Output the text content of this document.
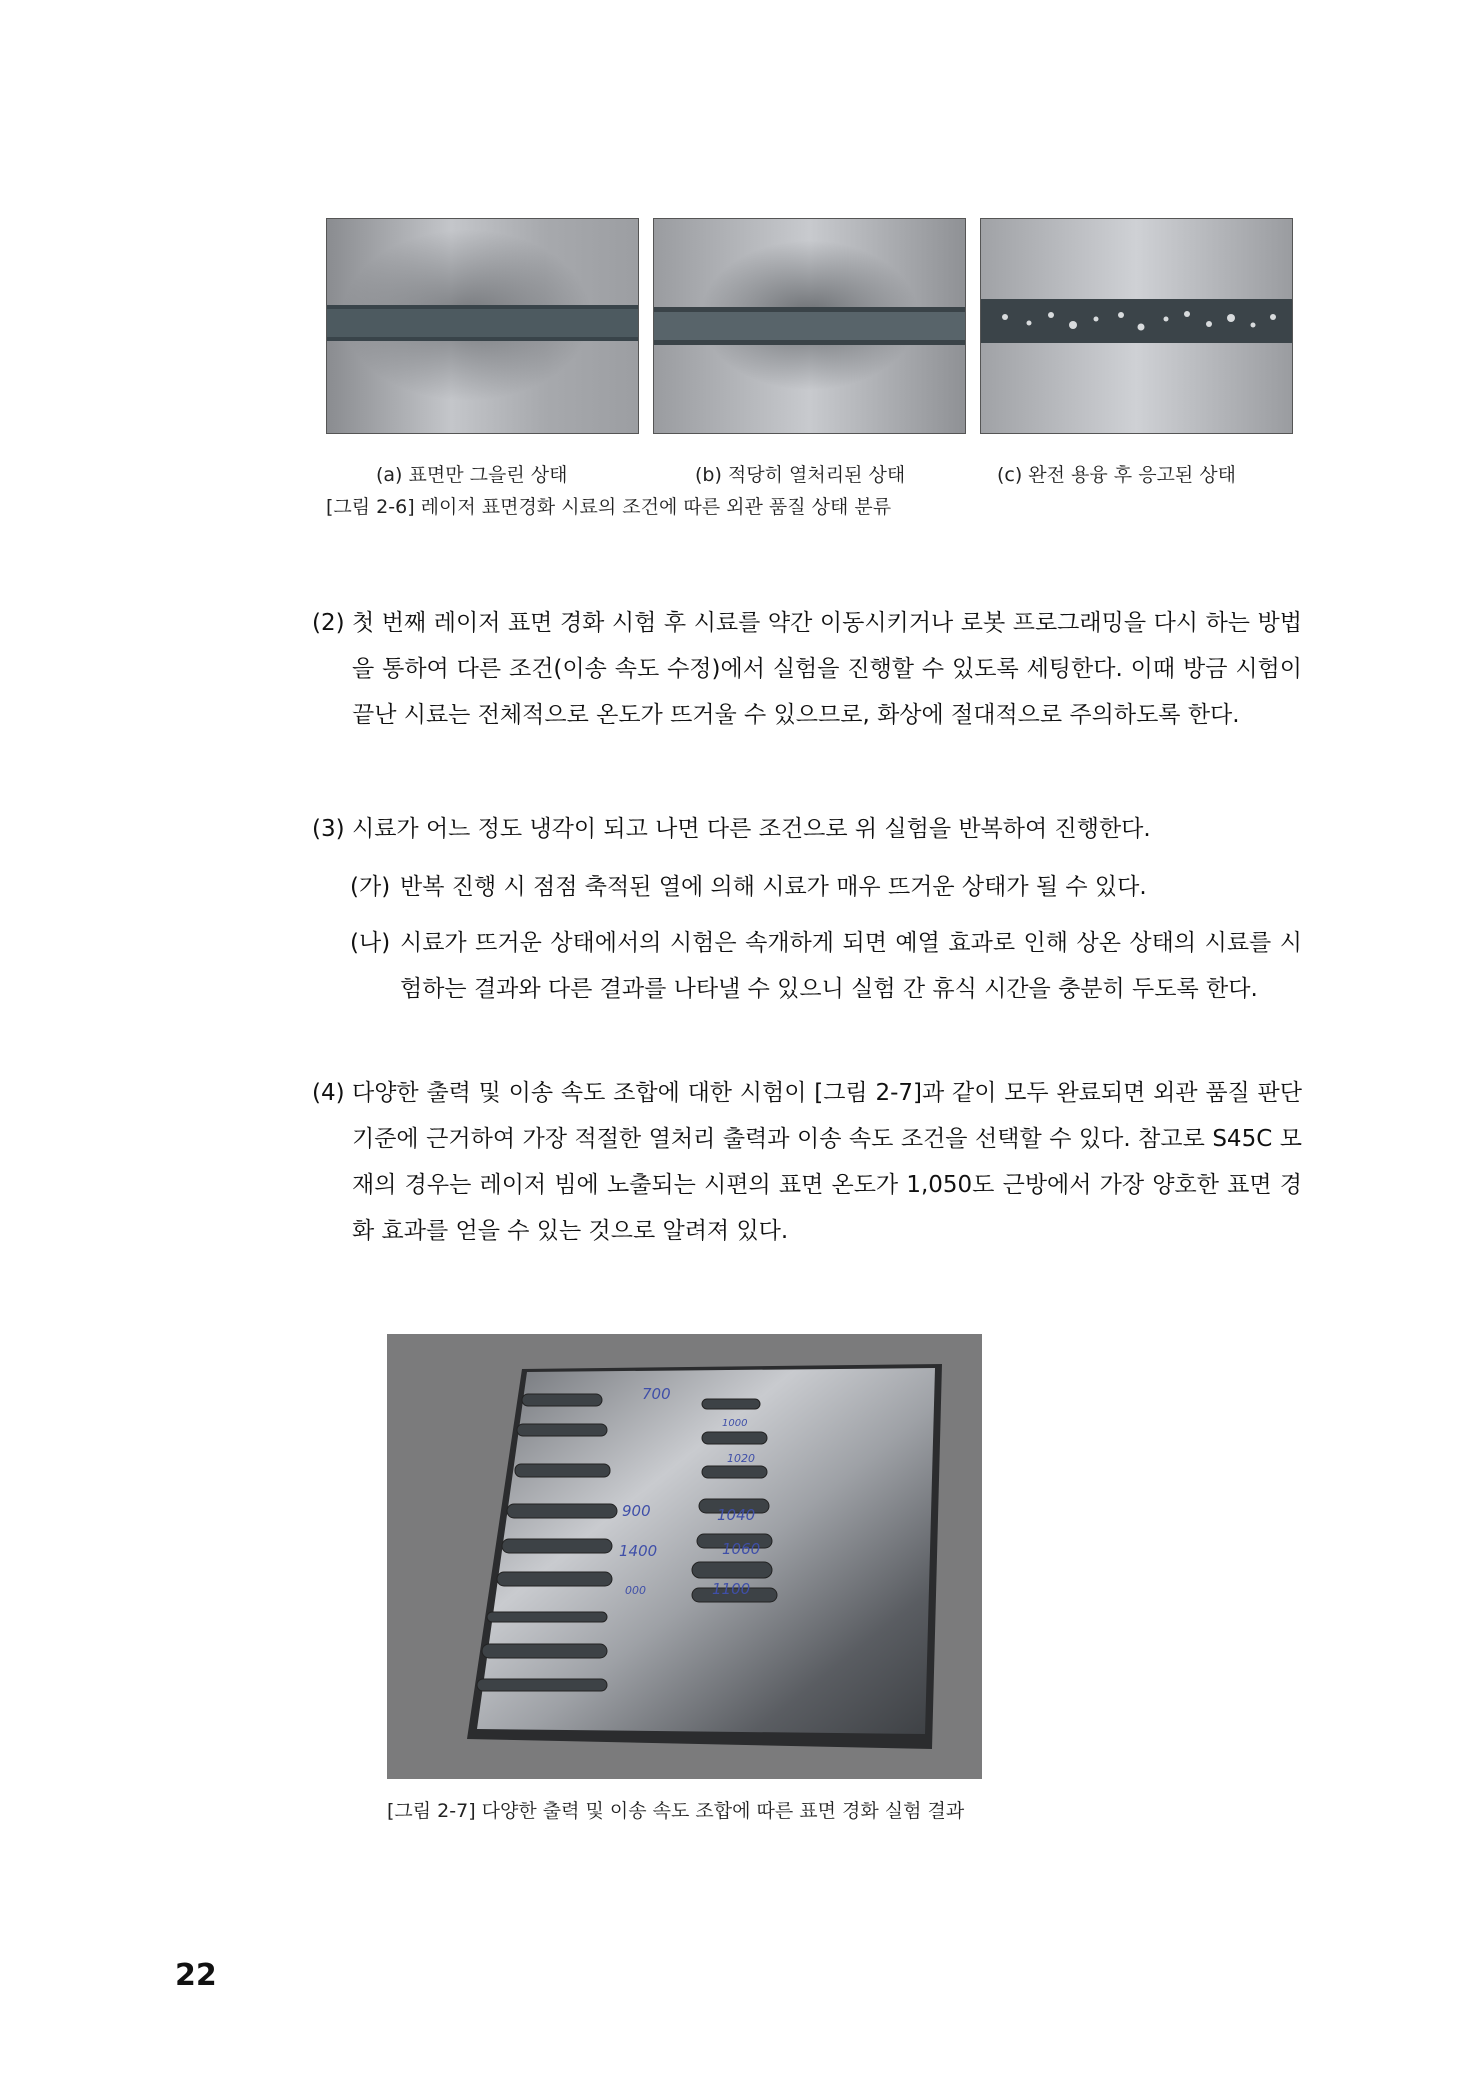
(a) 표면만 그을린 상태	(b) 적당히 열처리된 상태	(c) 완전 용융 후 응고된 상태
[그림 2-6] 레이저 표면경화 시료의 조건에 따른 외관 품질 상태 분류
(2) 첫 번째 레이저 표면 경화 시험 후 시료를 약간 이동시키거나 로봇 프로그래밍을 다시 하는 방법을 통하여 다른 조건(이송 속도 수정)에서 실험을 진행할 수 있도록 세팅한다. 이때 방금 시험이 끝난 시료는 전체적으로 온도가 뜨거울 수 있으므로, 화상에 절대적으로 주의하도록 한다.

(3) 시료가 어느 정도 냉각이 되고 나면 다른 조건으로 위 실험을 반복하여 진행한다.

(가) 반복 진행 시 점점 축적된 열에 의해 시료가 매우 뜨거운 상태가 될 수 있다.

(나) 시료가 뜨거운 상태에서의 시험은 속개하게 되면 예열 효과로 인해 상온 상태의 시료를 시험하는 결과와 다른 결과를 나타낼 수 있으니 실험 간 휴식 시간을 충분히 두도록 한다.

(4) 다양한 출력 및 이송 속도 조합에 대한 시험이 [그림 2-7]과 같이 모두 완료되면 외관 품질 판단 기준에 근거하여 가장 적절한 열처리 출력과 이송 속도 조건을 선택할 수 있다. 참고로 S45C 모재의 경우는 레이저 빔에 노출되는 시편의 표면 온도가 1,050도 근방에서 가장 양호한 표면 경화 효과를 얻을 수 있는 것으로 알려져 있다.

700
1000
1020
900	1040
1400	1060
000	1100
[그림 2-7] 다양한 출력 및 이송 속도 조합에 따른 표면 경화 실험 결과
22
